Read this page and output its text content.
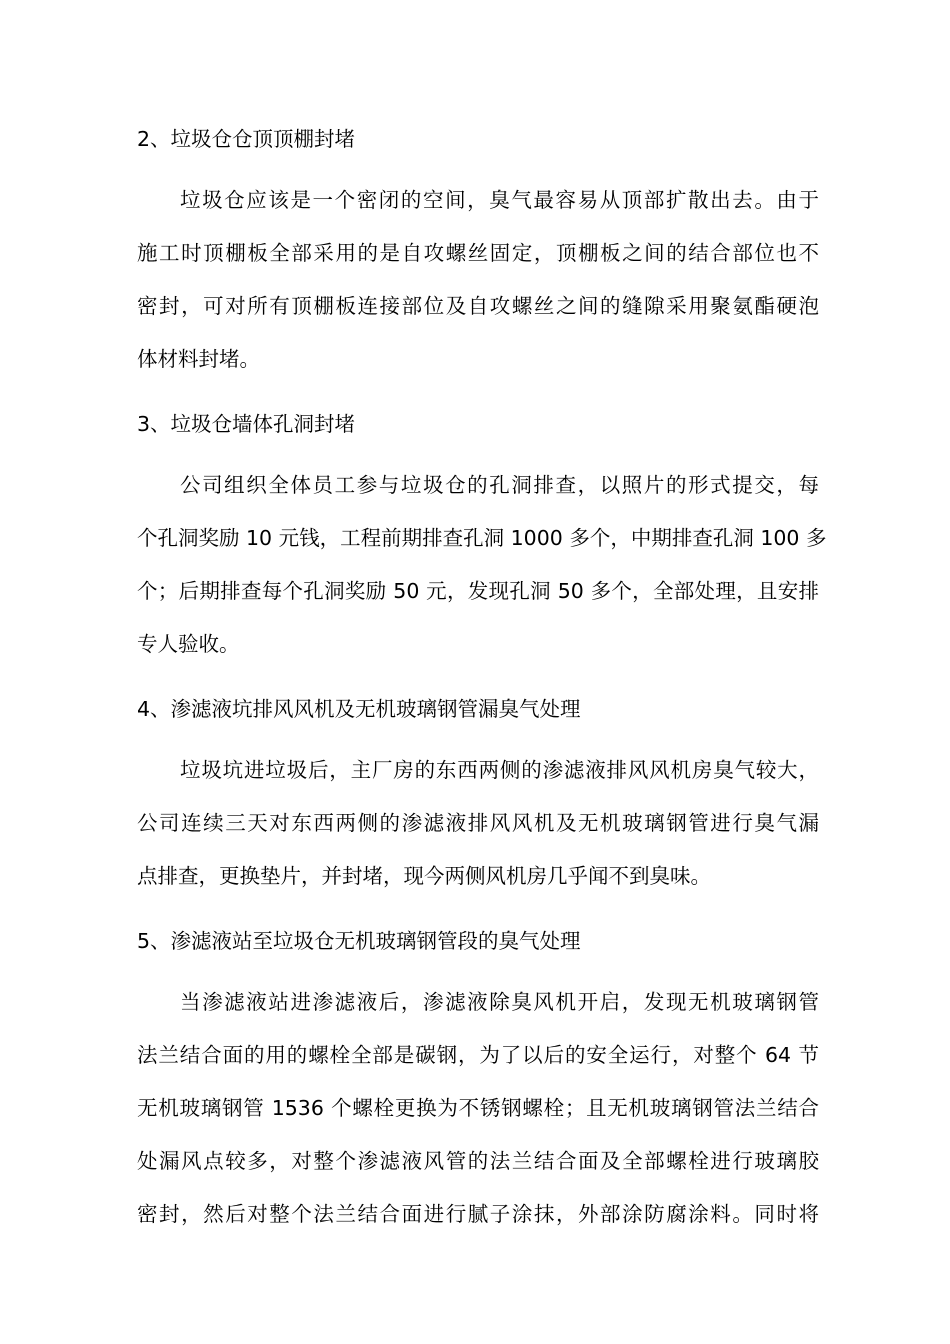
2、垃圾仓仓顶顶棚封堵
垃圾仓应该是一个密闭的空间，臭气最容易从顶部扩散出去。由于
施工时顶棚板全部采用的是自攻螺丝固定，顶棚板之间的结合部位也不
密封，可对所有顶棚板连接部位及自攻螺丝之间的缝隙采用聚氨酯硬泡
体材料封堵。
3、垃圾仓墙体孔洞封堵
公司组织全体员工参与垃圾仓的孔洞排查，以照片的形式提交，每
个孔洞奖励 10 元钱，工程前期排查孔洞 1000 多个，中期排查孔洞 100 多
个；后期排查每个孔洞奖励 50 元，发现孔洞 50 多个，全部处理，且安排
专人验收。
4、渗滤液坑排风风机及无机玻璃钢管漏臭气处理
垃圾坑进垃圾后，主厂房的东西两侧的渗滤液排风风机房臭气较大，
公司连续三天对东西两侧的渗滤液排风风机及无机玻璃钢管进行臭气漏
点排查，更换垫片，并封堵，现今两侧风机房几乎闻不到臭味。
5、渗滤液站至垃圾仓无机玻璃钢管段的臭气处理
当渗滤液站进渗滤液后，渗滤液除臭风机开启，发现无机玻璃钢管
法兰结合面的用的螺栓全部是碳钢，为了以后的安全运行，对整个 64 节
无机玻璃钢管 1536 个螺栓更换为不锈钢螺栓；且无机玻璃钢管法兰结合
处漏风点较多，对整个渗滤液风管的法兰结合面及全部螺栓进行玻璃胶
密封，然后对整个法兰结合面进行腻子涂抹，外部涂防腐涂料。同时将
